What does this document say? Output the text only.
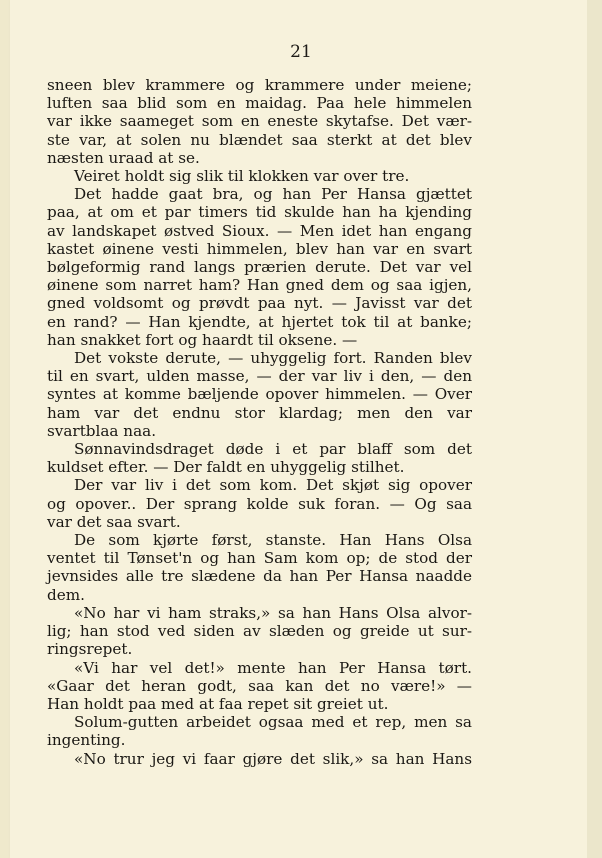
21
sneen blev krammere og krammere under meiene;
luften saa blid som en maidag. Paa hele himmelen
var ikke saameget som en eneste skytafse. Det vær-
ste var, at solen nu blændet saa sterkt at det blev
næsten uraad at se.
Veiret holdt sig slik til klokken var over tre.
Det hadde gaat bra, og han Per Hansa gjættet
paa, at om et par timers tid skulde han ha kjending
av landskapet østved Sioux. — Men idet han engang
kastet øinene vesti himmelen, blev han var en svart
bølgeformig rand langs prærien derute. Det var vel
øinene som narret ham? Han gned dem og saa igjen,
gned voldsomt og prøvdt paa nyt. — Javisst var det
en rand? — Han kjendte, at hjertet tok til at banke;
han snakket fort og haardt til oksene. —
Det vokste derute, — uhyggelig fort. Randen blev
til en svart, ulden masse, — der var liv i den, — den
syntes at komme bæljende opover himmelen. — Over
ham var det endnu stor klardag; men den var
svartblaa naa.
Sønnavindsdraget døde i et par blaff som det
kuldset efter. — Der faldt en uhyggelig stilhet.
Der var liv i det som kom. Det skjøt sig opover
og opover.. Der sprang kolde suk foran. — Og saa
var det saa svart.
De som kjørte først, stanste. Han Hans Olsa
ventet til Tønset'n og han Sam kom op; de stod der
jevnsides alle tre slædene da han Per Hansa naadde
dem.
«No har vi ham straks,» sa han Hans Olsa alvor-
lig; han stod ved siden av slæden og greide ut sur-
ringsrepet.
«Vi har vel det!» mente han Per Hansa tørt.
«Gaar det heran godt, saa kan det no være!» —
Han holdt paa med at faa repet sit greiet ut.
Solum-gutten arbeidet ogsaa med et rep, men sa
ingenting.
«No trur jeg vi faar gjøre det slik,» sa han Hans
